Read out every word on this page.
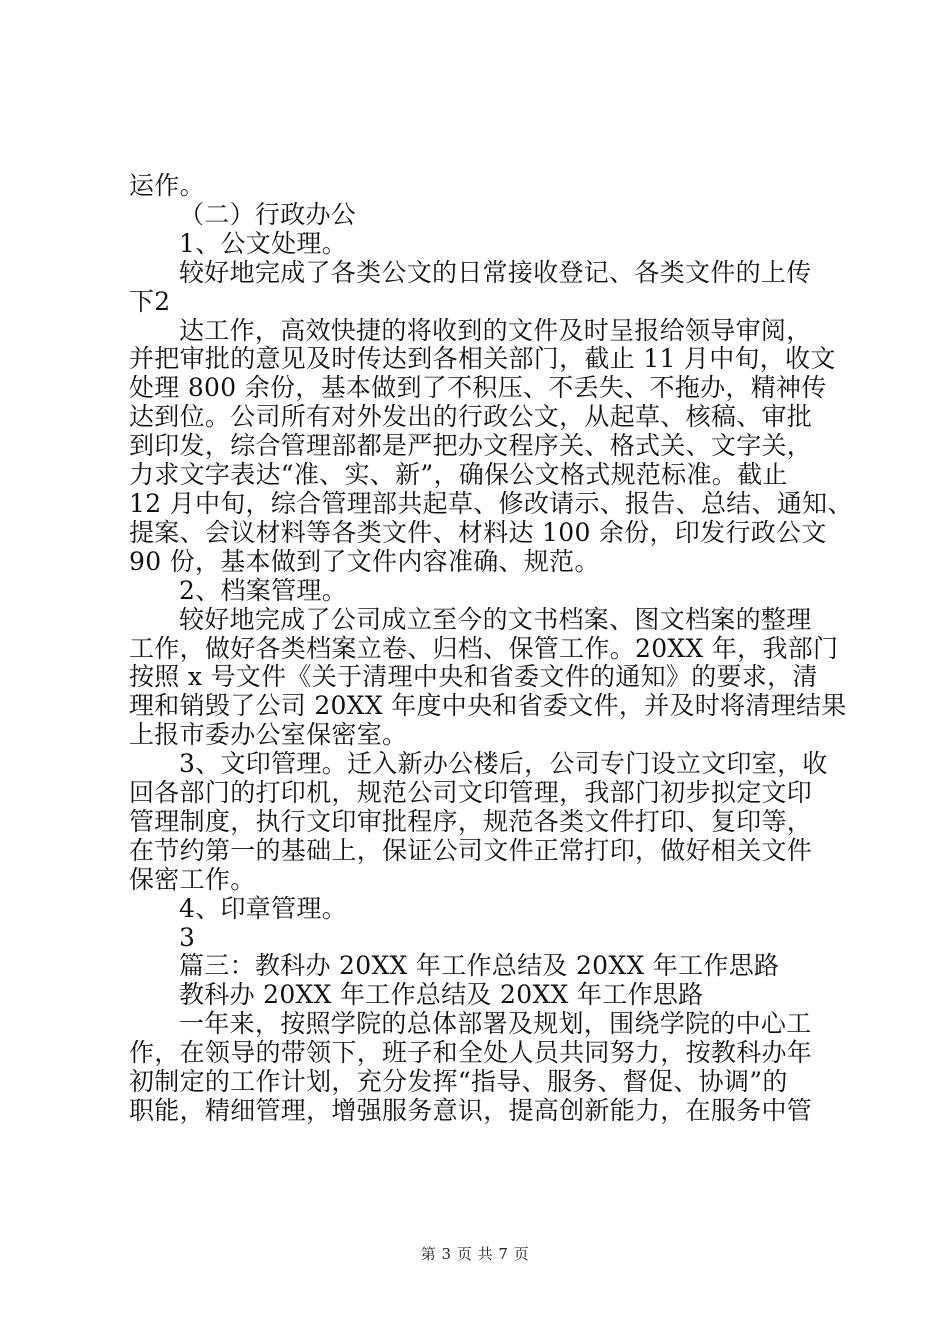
运作。
（二）行政办公
1、公文处理。
较好地完成了各类公文的日常接收登记、各类文件的上传
下2
达工作，高效快捷的将收到的文件及时呈报给领导审阅，
并把审批的意见及时传达到各相关部门，截止 11 月中旬，收文
处理 800 余份，基本做到了不积压、不丢失、不拖办，精神传
达到位。公司所有对外发出的行政公文，从起草、核稿、审批
到印发，综合管理部都是严把办文程序关、格式关、文字关，
力求文字表达“准、实、新”，确保公文格式规范标准。截止
12 月中旬，综合管理部共起草、修改请示、报告、总结、通知、
提案、会议材料等各类文件、材料达 100 余份，印发行政公文
90 份，基本做到了文件内容准确、规范。
2、档案管理。
较好地完成了公司成立至今的文书档案、图文档案的整理
工作，做好各类档案立卷、归档、保管工作。20XX 年，我部门
按照 x 号文件《关于清理中央和省委文件的通知》的要求，清
理和销毁了公司 20XX 年度中央和省委文件，并及时将清理结果
上报市委办公室保密室。
3、文印管理。迁入新办公楼后，公司专门设立文印室，收
回各部门的打印机，规范公司文印管理，我部门初步拟定文印
管理制度，执行文印审批程序，规范各类文件打印、复印等，
在节约第一的基础上，保证公司文件正常打印，做好相关文件
保密工作。
4、印章管理。
3
篇三：教科办 20XX 年工作总结及 20XX 年工作思路
教科办 20XX 年工作总结及 20XX 年工作思路
一年来，按照学院的总体部署及规划，围绕学院的中心工
作，在领导的带领下，班子和全处人员共同努力，按教科办年
初制定的工作计划，充分发挥“指导、服务、督促、协调”的
职能，精细管理，增强服务意识，提高创新能力，在服务中管
第 3 页 共 7 页
